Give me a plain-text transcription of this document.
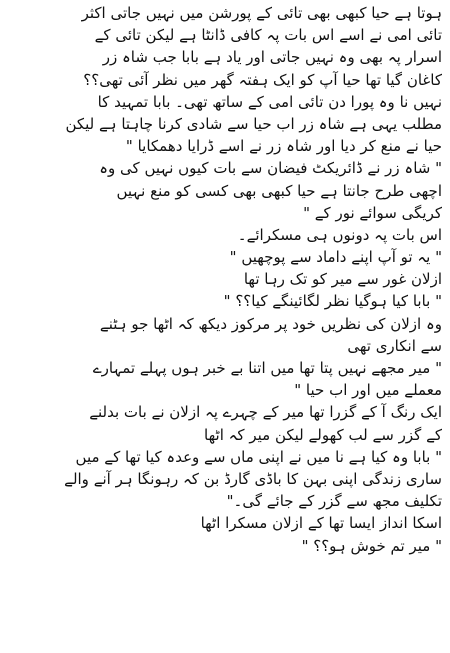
ہوتا ہے حیا کبھی بھی تائی کے پورشن میں نہیں جاتی اکثر
تائی امی نے اسے اس بات پہ کافی ڈانٹا ہے لیکن تائی کے
اسرار پہ بھی وہ نہیں جاتی اور یاد ہے بابا جب شاہ زر
کاغان گیا تھا حیا آپ کو ایک ہفتہ گھر میں نظر آئی تھی؟؟
نہیں نا وہ پورا دن تائی امی کے ساتھ تھی۔ بابا تمہید کا
مطلب یہی ہے شاہ زر اب حیا سے شادی کرنا چاہتا ہے لیکن
حیا نے منع کر دیا اور شاہ زر نے اسے ڈرایا دھمکایا "
" شاہ زر نے ڈائریکٹ فیضان سے بات کیوں نہیں کی وہ
اچھی طرح جانتا ہے حیا کبھی بھی کسی کو منع نہیں
کریگی سوائے نور کے "
اس بات پہ دونوں ہی مسکرائے۔
" یہ تو آپ اپنے داماد سے پوچھیں "
ازلان غور سے میر کو تک رہا تھا
" بابا کیا ہوگیا نظر لگائینگے کیا؟؟ "
وہ ازلان کی نظریں خود پر مرکوز دیکھ کہ اٹھا جو ہٹنے
سے انکاری تھی
" میر مجھے نہیں پتا تھا میں اتنا بے خبر ہوں پہلے تمہارے
معملے میں اور اب حیا "
ایک رنگ آ کے گزرا تھا میر کے چہرے پہ ازلان نے بات بدلنے
کے گزر سے لب کھولے لیکن میر کہ اٹھا
" بابا وہ کیا ہے نا میں نے اپنی ماں سے وعدہ کیا تھا کے میں
ساری زندگی اپنی بہن کا باڈی گارڈ بن کہ رہونگا ہر آنے والے
تکلیف مجھ سے گزر کے جائے گی۔"
اسکا انداز ایسا تھا کے ازلان مسکرا اٹھا
" میر تم خوش ہو؟؟ "
